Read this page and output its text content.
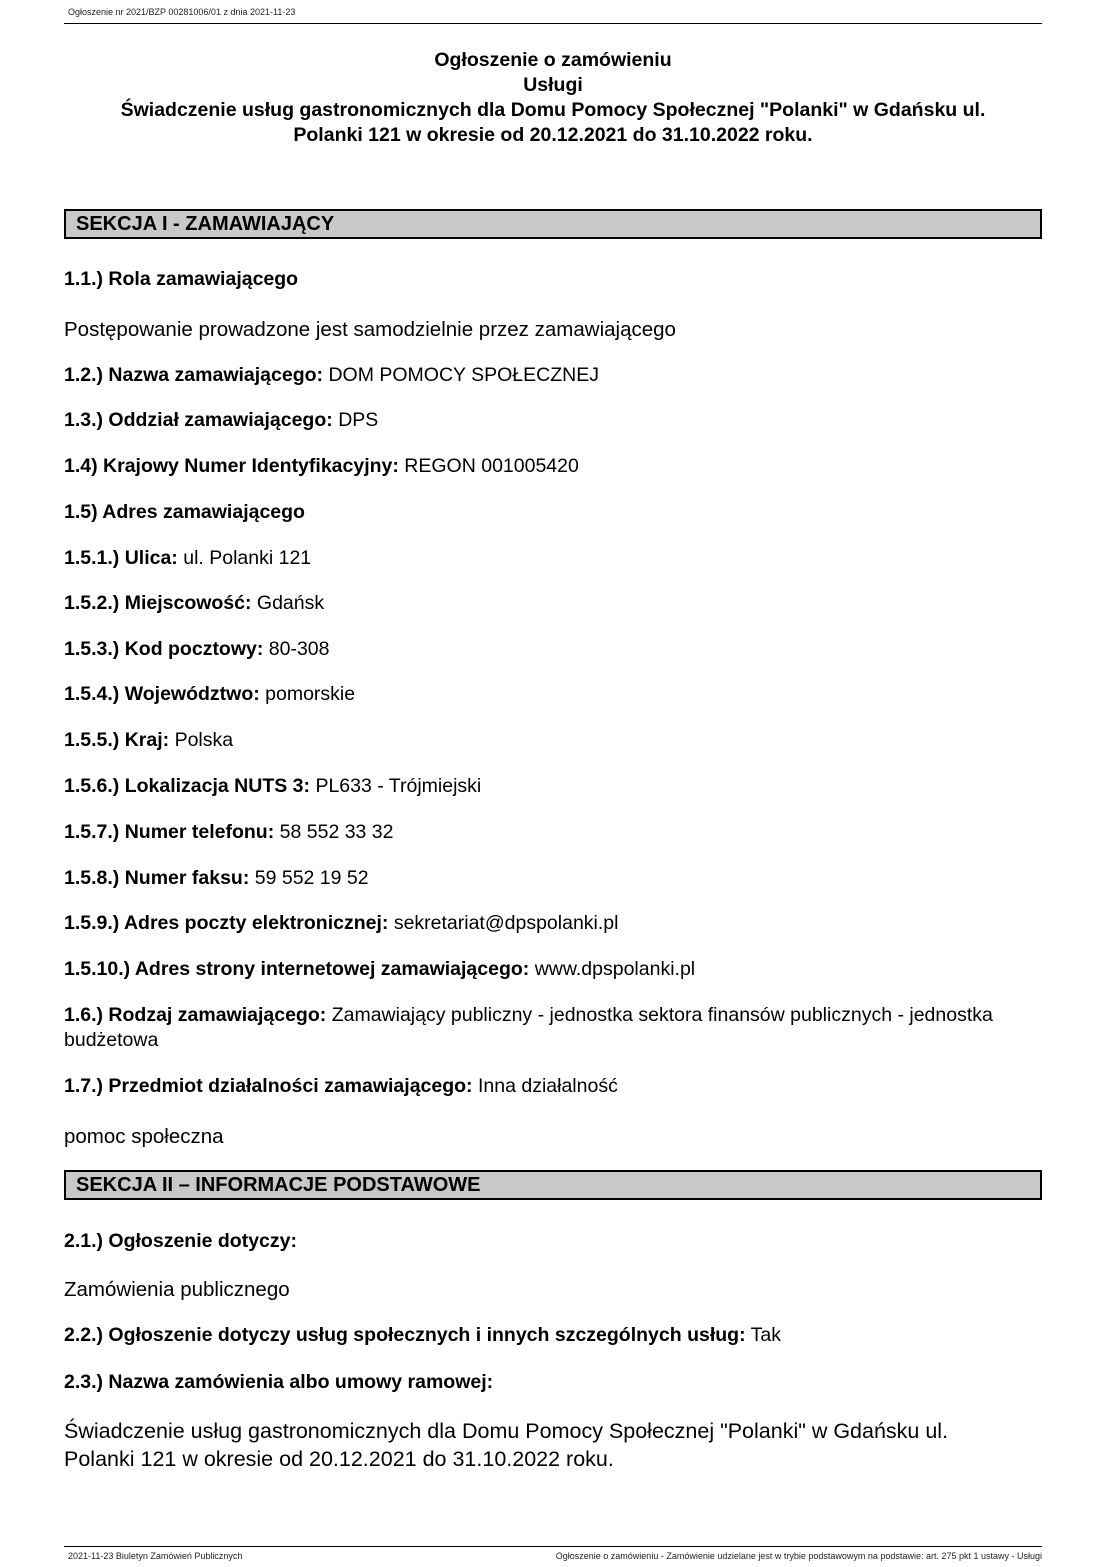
Ogłoszenie nr 2021/BZP 00281006/01 z dnia 2021-11-23
Ogłoszenie o zamówieniu
Usługi
Świadczenie usług gastronomicznych dla Domu Pomocy Społecznej "Polanki" w Gdańsku ul.
Polanki 121 w okresie od 20.12.2021 do 31.10.2022 roku.
SEKCJA I - ZAMAWIAJĄCY
1.1.) Rola zamawiającego
Postępowanie prowadzone jest samodzielnie przez zamawiającego
1.2.) Nazwa zamawiającego: DOM POMOCY SPOŁECZNEJ
1.3.) Oddział zamawiającego: DPS
1.4) Krajowy Numer Identyfikacyjny: REGON 001005420
1.5) Adres zamawiającego
1.5.1.) Ulica: ul. Polanki 121
1.5.2.) Miejscowość: Gdańsk
1.5.3.) Kod pocztowy: 80-308
1.5.4.) Województwo: pomorskie
1.5.5.) Kraj: Polska
1.5.6.) Lokalizacja NUTS 3: PL633 - Trójmiejski
1.5.7.) Numer telefonu: 58 552 33 32
1.5.8.) Numer faksu: 59 552 19 52
1.5.9.) Adres poczty elektronicznej: sekretariat@dpspolanki.pl
1.5.10.) Adres strony internetowej zamawiającego: www.dpspolanki.pl
1.6.) Rodzaj zamawiającego: Zamawiający publiczny - jednostka sektora finansów publicznych - jednostka budżetowa
1.7.) Przedmiot działalności zamawiającego: Inna działalność
pomoc społeczna
SEKCJA II – INFORMACJE PODSTAWOWE
2.1.) Ogłoszenie dotyczy:
Zamówienia publicznego
2.2.) Ogłoszenie dotyczy usług społecznych i innych szczególnych usług: Tak
2.3.) Nazwa zamówienia albo umowy ramowej:
Świadczenie usług gastronomicznych dla Domu Pomocy Społecznej "Polanki" w Gdańsku ul. Polanki 121 w okresie od 20.12.2021 do 31.10.2022 roku.
2021-11-23 Biuletyn Zamówień Publicznych	Ogłoszenie o zamówieniu - Zamówienie udzielane jest w trybie podstawowym na podstawie: art. 275 pkt 1 ustawy - Usługi
